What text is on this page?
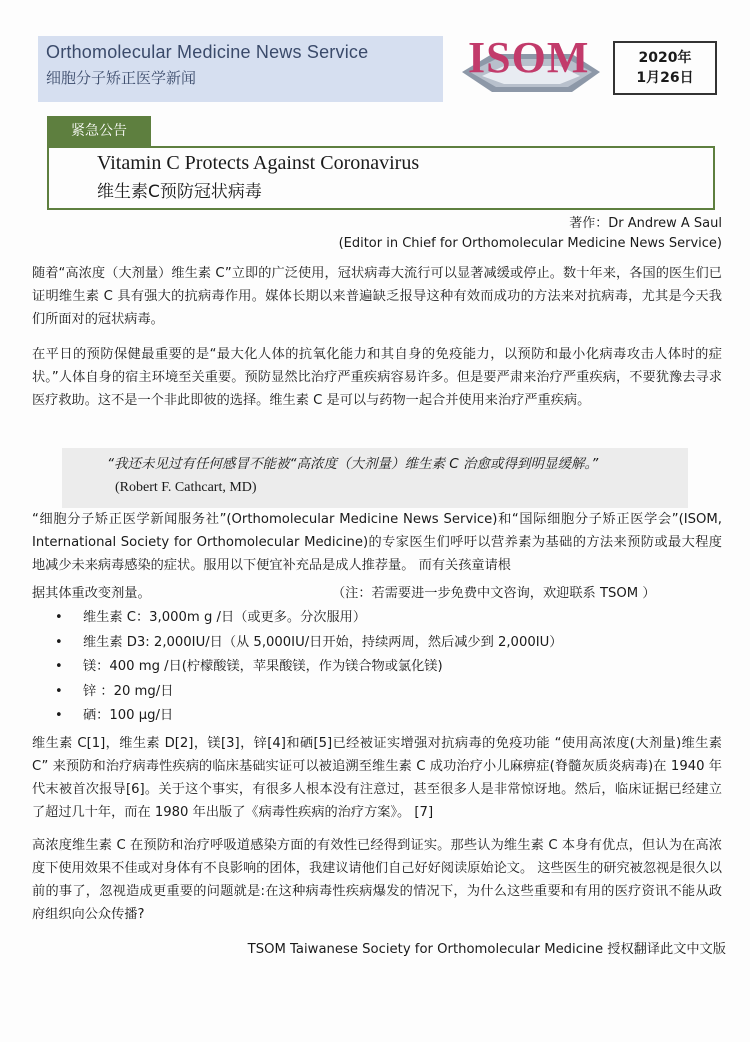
Orthomolecular Medicine News Service
细胞分子矫正医学新闻	ISOM	2020年
1月26日
紧急公告
Vitamin C Protects Against Coronavirus
维生素C预防冠状病毒
著作：Dr Andrew A Saul
(Editor in Chief for Orthomolecular Medicine News Service)

随着“高浓度（大剂量）维生素 C”立即的广泛使用，冠状病毒大流行可以显著减缓或停止。数十年来，各国的医生们已证明维生素 C 具有强大的抗病毒作用。媒体长期以来普遍缺乏报导这种有效而成功的方法来对抗病毒，尤其是今天我们所面对的冠状病毒。

在平日的预防保健最重要的是“最大化人体的抗氧化能力和其自身的免疫能力，以预防和最小化病毒攻击人体时的症状。”人体自身的宿主环境至关重要。预防显然比治疗严重疾病容易许多。但是要严肃来治疗严重疾病，不要犹豫去寻求医疗救助。这不是一个非此即彼的选择。维生素 C 是可以与药物一起合并使用来治疗严重疾病。

“我还未见过有任何感冒不能被“高浓度（大剂量）维生素 C 治愈或得到明显缓解。”
(Robert F. Cathcart, MD)

“细胞分子矫正医学新闻服务社”(Orthomolecular Medicine News Service)和“国际细胞分子矫正医学会”(ISOM, International Society for Orthomolecular Medicine)的专家医生们呼吁以营养素为基础的方法来预防或最大程度地减少未来病毒感染的症状。服用以下便宜补充品是成人推荐量。 而有关孩童请根

据其体重改变剂量。	（注：若需要进一步免费中文咨询，欢迎联系 TSOM ）
• 维生素 C：3,000m g /日（或更多。分次服用）
• 维生素 D3: 2,000IU/日（从 5,000IU/日开始，持续两周，然后减少到 2,000IU）
• 镁：400 mg /日(柠檬酸镁，苹果酸镁，作为镁合物或氯化镁)
• 锌 ：20 mg/日
• 硒：100 µg/日

维生素 C[1]，维生素 D[2]，镁[3]，锌[4]和硒[5]已经被证实增强对抗病毒的免疫功能 “使用高浓度(大剂量)维生素 C” 来预防和治疗病毒性疾病的临床基础实证可以被追溯至维生素 C 成功治疗小儿麻痹症(脊髓灰质炎病毒)在 1940 年代末被首次报导[6]。关于这个事实，有很多人根本没有注意过，甚至很多人是非常惊讶地。然后，临床证据已经建立了超过几十年，而在 1980 年出版了《病毒性疾病的治疗方案》。 [7]

高浓度维生素 C 在预防和治疗呼吸道感染方面的有效性已经得到证实。那些认为维生素 C 本身有优点，但认为在高浓度下使用效果不佳或对身体有不良影响的团体，我建议请他们自己好好阅读原始论文。 这些医生的研究被忽视是很久以前的事了，忽视造成更重要的问题就是:在这种病毒性疾病爆发的情况下，为什么这些重要和有用的医疗资讯不能从政府组织向公众传播?

TSOM Taiwanese Society for Orthomolecular Medicine 授权翻译此文中文版
